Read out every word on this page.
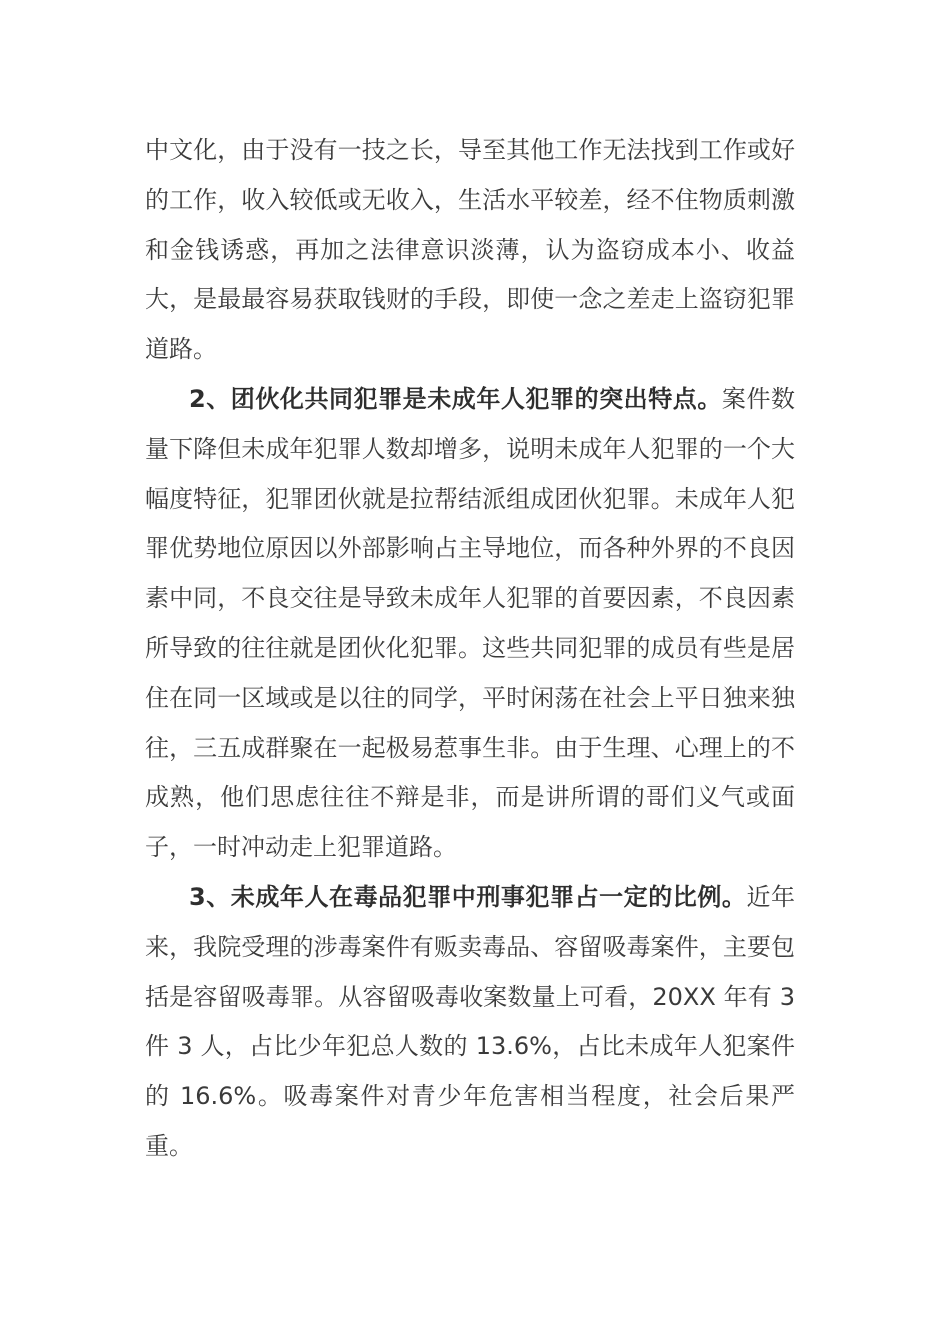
中文化，由于没有一技之长，导至其他工作无法找到工作或好的工作，收入较低或无收入，生活水平较差，经不住物质刺激和金钱诱惑，再加之法律意识淡薄，认为盗窃成本小、收益大，是最最容易获取钱财的手段，即使一念之差走上盗窃犯罪道路。

2、团伙化共同犯罪是未成年人犯罪的突出特点。案件数量下降但未成年犯罪人数却增多，说明未成年人犯罪的一个大幅度特征，犯罪团伙就是拉帮结派组成团伙犯罪。未成年人犯罪优势地位原因以外部影响占主导地位，而各种外界的不良因素中同，不良交往是导致未成年人犯罪的首要因素，不良因素所导致的往往就是团伙化犯罪。这些共同犯罪的成员有些是居住在同一区域或是以往的同学，平时闲荡在社会上平日独来独往，三五成群聚在一起极易惹事生非。由于生理、心理上的不成熟，他们思虑往往不辩是非，而是讲所谓的哥们义气或面子，一时冲动走上犯罪道路。

3、未成年人在毒品犯罪中刑事犯罪占一定的比例。近年来，我院受理的涉毒案件有贩卖毒品、容留吸毒案件，主要包括是容留吸毒罪。从容留吸毒收案数量上可看，20XX 年有 3 件 3 人，占比少年犯总人数的 13.6%，占比未成年人犯案件的 16.6%。吸毒案件对青少年危害相当程度，社会后果严重。
